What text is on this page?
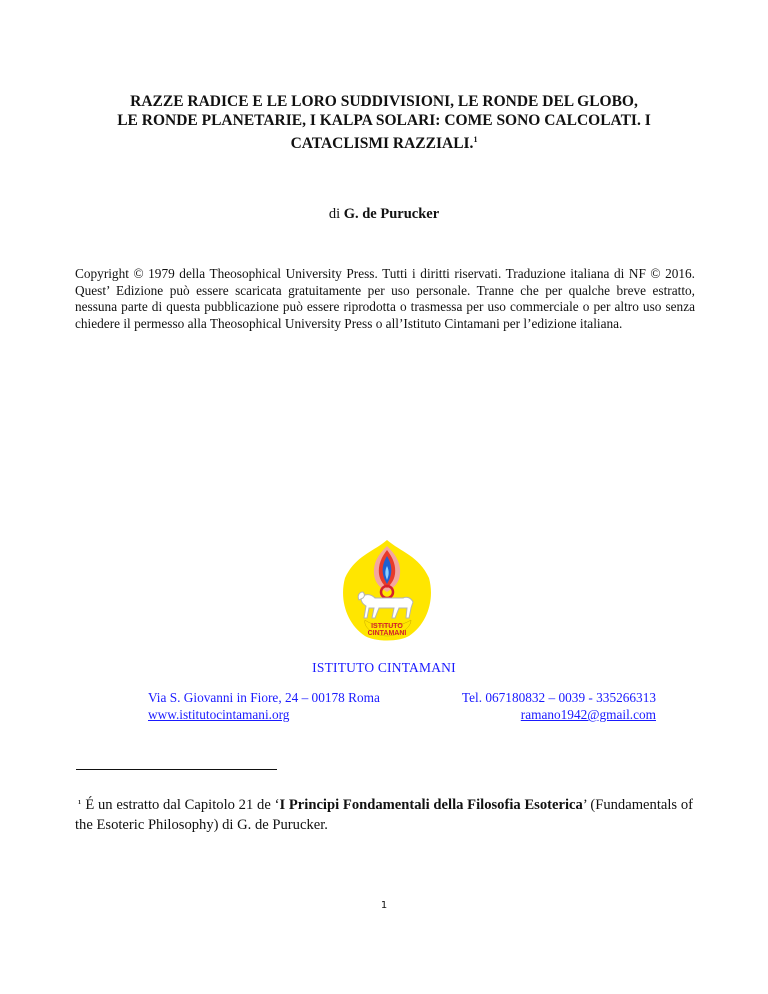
RAZZE RADICE E LE LORO SUDDIVISIONI, LE RONDE DEL GLOBO,
LE RONDE PLANETARIE, I KALPA SOLARI: COME SONO CALCOLATI. I
CATACLISMI RAZZIALI.$^1$
di G. de Purucker
Copyright © 1979 della Theosophical University Press. Tutti i diritti riservati. Traduzione italiana di NF © 2016. Quest’ Edizione può essere scaricata gratuitamente per uso personale. Tranne che per qualche breve estratto, nessuna parte di questa pubblicazione può essere riprodotta o trasmessa per uso commerciale o per altro uso senza chiedere il permesso alla Theosophical University Press o all’Istituto Cintamani per l’edizione italiana.
ISTITUTO
CINTAMANI
ISTITUTO CINTAMANI
Via S. Giovanni in Fiore, 24 – 00178 Roma
www.istitutocintamani.org
Tel. 067180832 – 0039 - 335266313
ramano1942@gmail.com
¹ É un estratto dal Capitolo 21 de ‘I Principi Fondamentali della Filosofia Esoterica’ (Fundamentals of the Esoteric Philosophy) di G. de Purucker.
1
